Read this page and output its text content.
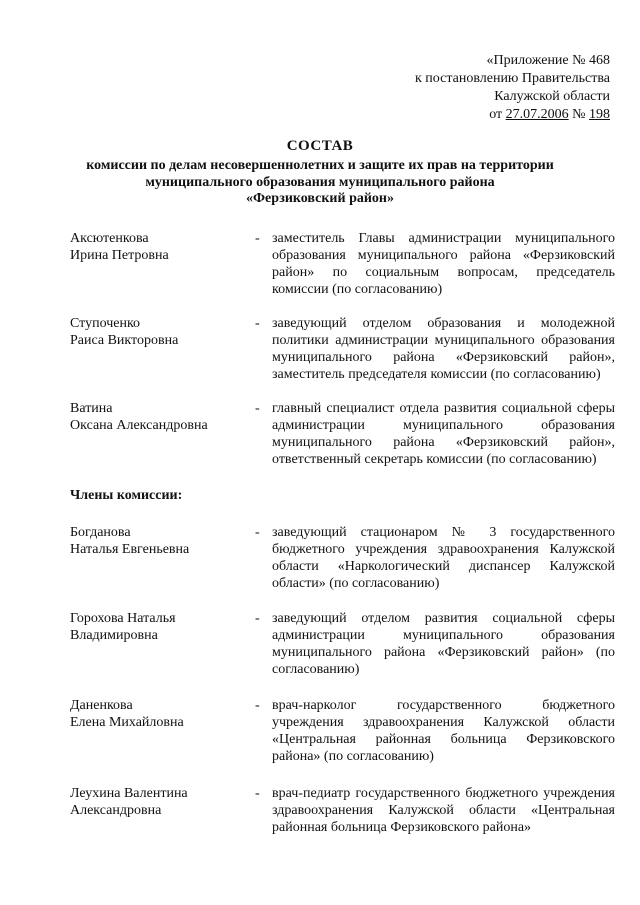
«Приложение № 468
к постановлению Правительства
Калужской области
от 27.07.2006 № 198
СОСТАВ
комиссии по делам несовершеннолетних и защите их прав на территории
муниципального образования муниципального района
«Ферзиковский район»
Аксютенкова
Ирина Петровна
- заместитель Главы администрации муниципального образования муниципального района «Ферзиковский район» по социальным вопросам, председатель комиссии (по согласованию)
Ступоченко
Раиса Викторовна
- заведующий отделом образования и молодежной политики администрации муниципального образования муниципального района «Ферзиковский район», заместитель председателя комиссии (по согласованию)
Ватина
Оксана Александровна
- главный специалист отдела развития социальной сферы администрации муниципального образования муниципального района «Ферзиковский район», ответственный секретарь комиссии (по согласованию)
Богданова
Наталья Евгеньевна
- заведующий стационаром № 3 государственного бюджетного учреждения здравоохранения Калужской области «Наркологический диспансер Калужской области» (по согласованию)
Горохова Наталья
Владимировна
- заведующий отделом развития социальной сферы администрации муниципального образования муниципального района «Ферзиковский район» (по согласованию)
Даненкова
Елена Михайловна
- врач-нарколог государственного бюджетного учреждения здравоохранения Калужской области «Центральная районная больница Ферзиковского района» (по согласованию)
Леухина Валентина
Александровна
- врач-педиатр государственного бюджетного учреждения здравоохранения Калужской области «Центральная районная больница Ферзиковского района»
Члены комиссии:
